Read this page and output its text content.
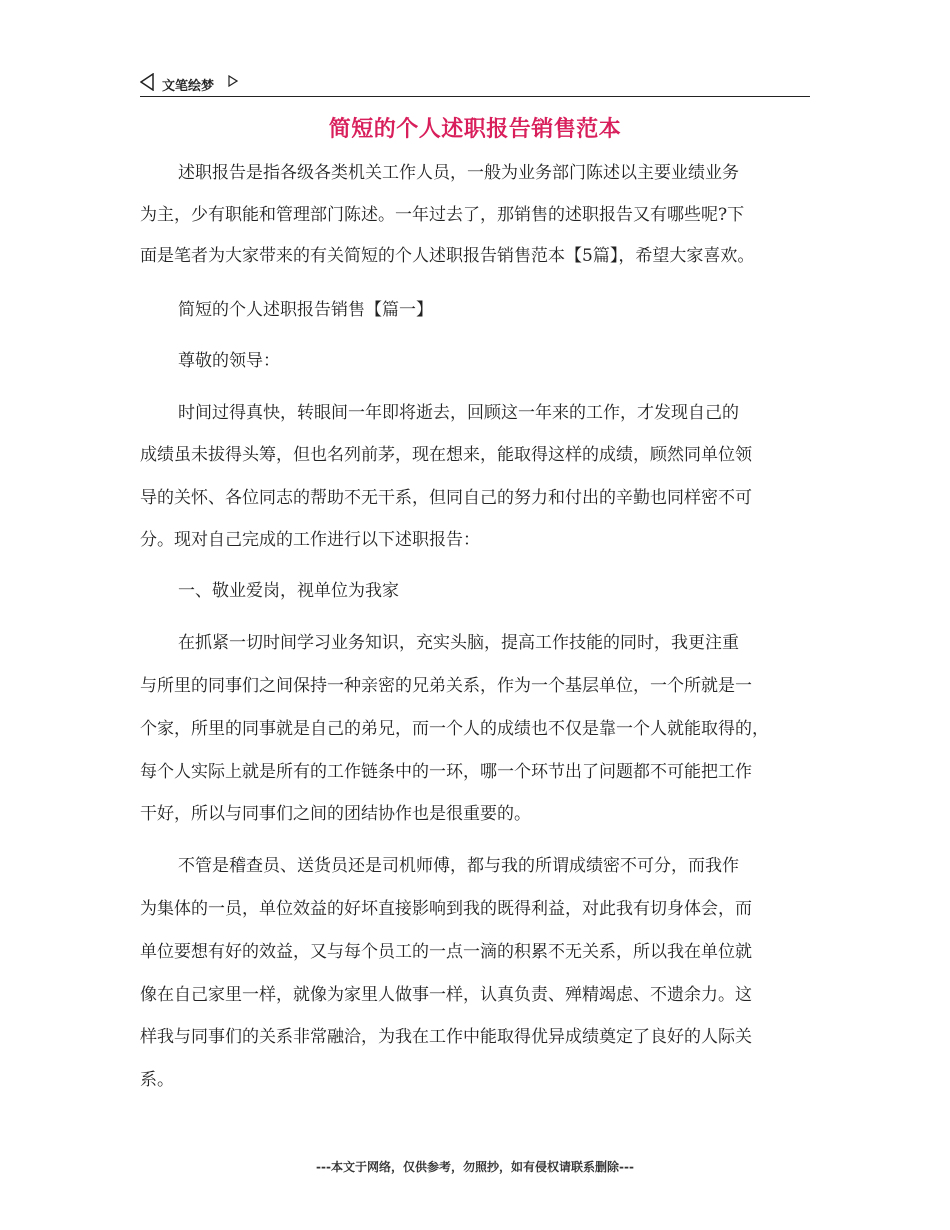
文笔绘梦
简短的个人述职报告销售范本
述职报告是指各级各类机关工作人员，一般为业务部门陈述以主要业绩业务
为主，少有职能和管理部门陈述。一年过去了，那销售的述职报告又有哪些呢?下
面是笔者为大家带来的有关简短的个人述职报告销售范本【5篇】，希望大家喜欢。
简短的个人述职报告销售【篇一】
尊敬的领导：
时间过得真快，转眼间一年即将逝去，回顾这一年来的工作，才发现自己的
成绩虽未拔得头筹，但也名列前茅，现在想来，能取得这样的成绩，顾然同单位领
导的关怀、各位同志的帮助不无干系，但同自己的努力和付出的辛勤也同样密不可
分。现对自己完成的工作进行以下述职报告：
一、敬业爱岗，视单位为我家
在抓紧一切时间学习业务知识，充实头脑，提高工作技能的同时，我更注重
与所里的同事们之间保持一种亲密的兄弟关系，作为一个基层单位，一个所就是一
个家，所里的同事就是自己的弟兄，而一个人的成绩也不仅是靠一个人就能取得的，
每个人实际上就是所有的工作链条中的一环，哪一个环节出了问题都不可能把工作
干好，所以与同事们之间的团结协作也是很重要的。
不管是稽查员、送货员还是司机师傅，都与我的所谓成绩密不可分，而我作
为集体的一员，单位效益的好坏直接影响到我的既得利益，对此我有切身体会，而
单位要想有好的效益，又与每个员工的一点一滴的积累不无关系，所以我在单位就
像在自己家里一样，就像为家里人做事一样，认真负责、殚精竭虑、不遗余力。这
样我与同事们的关系非常融洽，为我在工作中能取得优异成绩奠定了良好的人际关
系。
---本文于网络，仅供参考，勿照抄，如有侵权请联系删除---
